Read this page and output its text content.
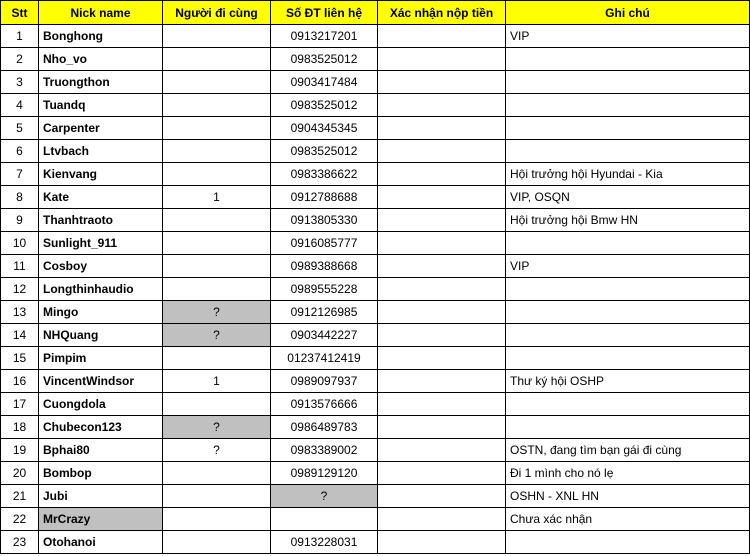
Stt	Nick name	Người đi cùng	Số ĐT liên hệ	Xác nhận nộp tiền	Ghi chú
1	Bonghong		0913217201		VIP
2	Nho_vo		0983525012		
3	Truongthon		0903417484		
4	Tuandq		0983525012		
5	Carpenter		0904345345		
6	Ltvbach		0983525012		
7	Kienvang		0983386622		Hội trưởng hội Hyundai - Kia
8	Kate	1	0912788688		VIP, OSQN
9	Thanhtraoto		0913805330		Hội trưởng hội Bmw HN
10	Sunlight_911		0916085777		
11	Cosboy		0989388668		VIP
12	Longthinhaudio		0989555228		
13	Mingo	?	0912126985		
14	NHQuang	?	0903442227		
15	Pimpim		01237412419		
16	VincentWindsor	1	0989097937		Thư ký hội OSHP
17	Cuongdola		0913576666		
18	Chubecon123	?	0986489783		
19	Bphai80	?	0983389002		OSTN, đang tìm bạn gái đi cùng
20	Bombop		0989129120		Đi 1 mình cho nó lẹ
21	Jubi		?		OSHN - XNL HN
22	MrCrazy				Chưa xác nhận
23	Otohanoi		0913228031		
